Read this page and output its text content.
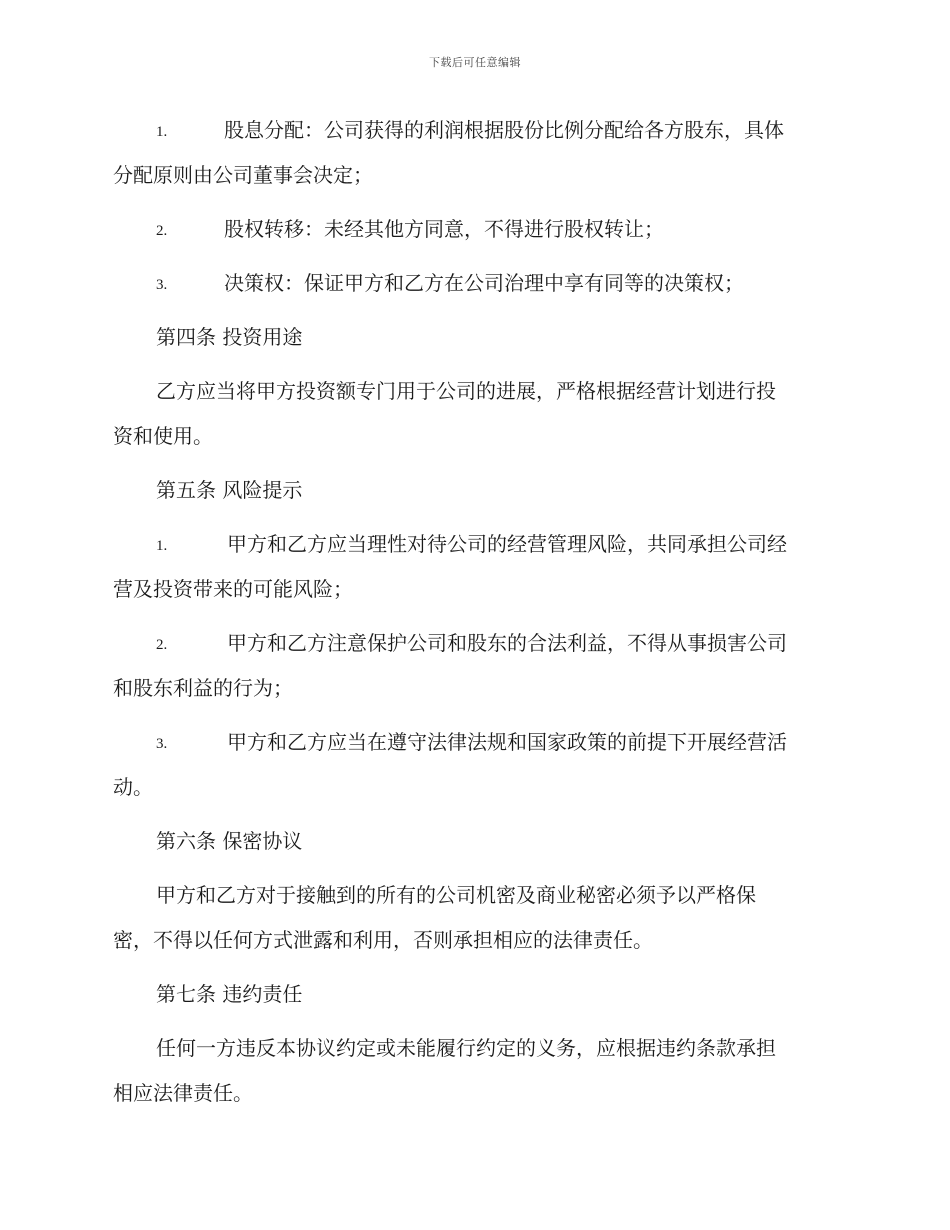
下载后可任意编辑
1.	股息分配：公司获得的利润根据股份比例分配给各方股东，具体
分配原则由公司董事会决定；
2.	股权转移：未经其他方同意，不得进行股权转让；
3.	决策权：保证甲方和乙方在公司治理中享有同等的决策权；
第四条 投资用途
乙方应当将甲方投资额专门用于公司的进展，严格根据经营计划进行投
资和使用。
第五条 风险提示
1.	甲方和乙方应当理性对待公司的经营管理风险，共同承担公司经
营及投资带来的可能风险；
2.	甲方和乙方注意保护公司和股东的合法利益，不得从事损害公司
和股东利益的行为；
3.	甲方和乙方应当在遵守法律法规和国家政策的前提下开展经营活
动。
第六条 保密协议
甲方和乙方对于接触到的所有的公司机密及商业秘密必须予以严格保
密，不得以任何方式泄露和利用，否则承担相应的法律责任。
第七条 违约责任
任何一方违反本协议约定或未能履行约定的义务，应根据违约条款承担
相应法律责任。
